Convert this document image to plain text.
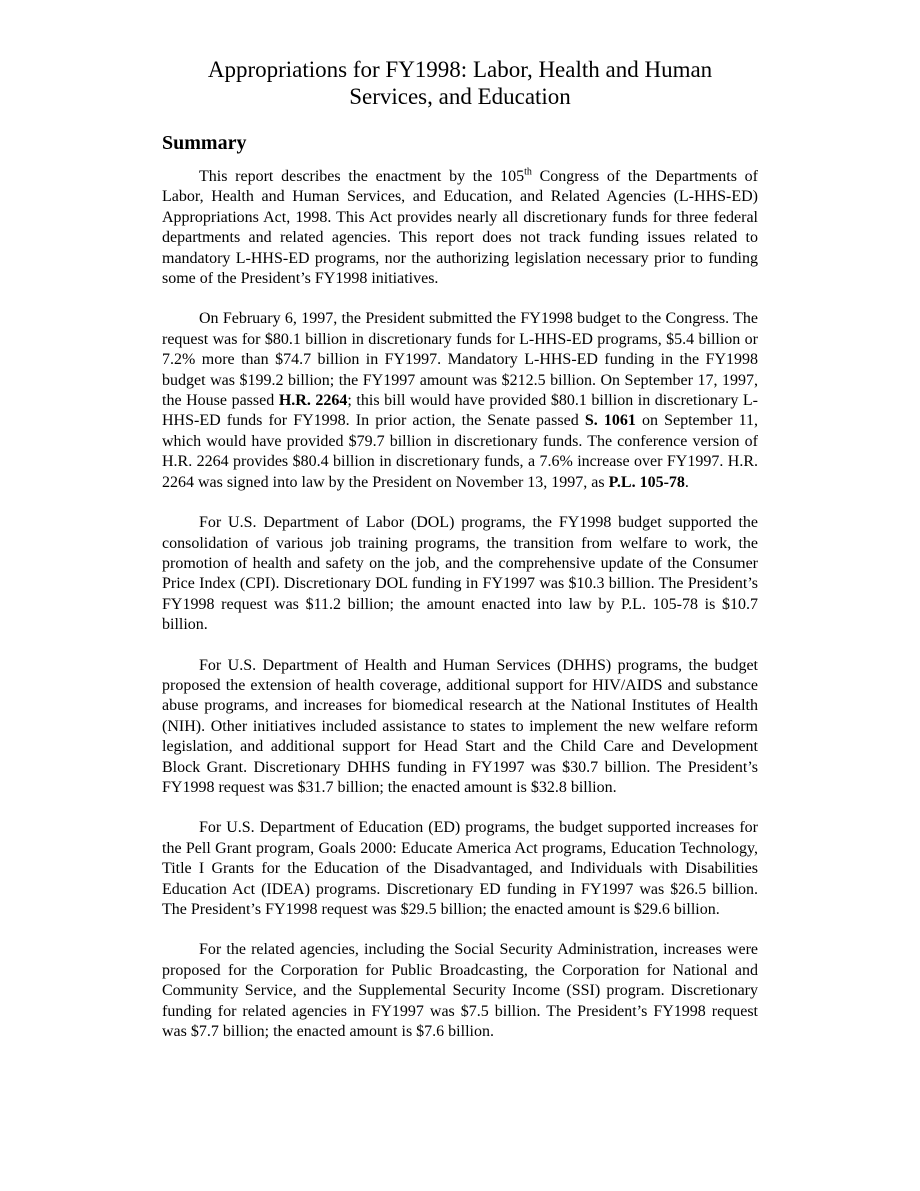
Appropriations for FY1998: Labor, Health and Human
Services, and Education
Summary

This report describes the enactment by the 105th Congress of the Departments of Labor, Health and Human Services, and Education, and Related Agencies (L-HHS-ED) Appropriations Act, 1998. This Act provides nearly all discretionary funds for three federal departments and related agencies. This report does not track funding issues related to mandatory L-HHS-ED programs, nor the authorizing legislation necessary prior to funding some of the President’s FY1998 initiatives.

On February 6, 1997, the President submitted the FY1998 budget to the Congress. The request was for $80.1 billion in discretionary funds for L-HHS-ED programs, $5.4 billion or 7.2% more than $74.7 billion in FY1997. Mandatory L-HHS-ED funding in the FY1998 budget was $199.2 billion; the FY1997 amount was $212.5 billion. On September 17, 1997, the House passed H.R. 2264; this bill would have provided $80.1 billion in discretionary L-HHS-ED funds for FY1998. In prior action, the Senate passed S. 1061 on September 11, which would have provided $79.7 billion in discretionary funds. The conference version of H.R. 2264 provides $80.4 billion in discretionary funds, a 7.6% increase over FY1997. H.R. 2264 was signed into law by the President on November 13, 1997, as P.L. 105-78.

For U.S. Department of Labor (DOL) programs, the FY1998 budget supported the consolidation of various job training programs, the transition from welfare to work, the promotion of health and safety on the job, and the comprehensive update of the Consumer Price Index (CPI). Discretionary DOL funding in FY1997 was $10.3 billion. The President’s FY1998 request was $11.2 billion; the amount enacted into law by P.L. 105-78 is $10.7 billion.

For U.S. Department of Health and Human Services (DHHS) programs, the budget proposed the extension of health coverage, additional support for HIV/AIDS and substance abuse programs, and increases for biomedical research at the National Institutes of Health (NIH). Other initiatives included assistance to states to implement the new welfare reform legislation, and additional support for Head Start and the Child Care and Development Block Grant. Discretionary DHHS funding in FY1997 was $30.7 billion. The President’s FY1998 request was $31.7 billion; the enacted amount is $32.8 billion.

For U.S. Department of Education (ED) programs, the budget supported increases for the Pell Grant program, Goals 2000: Educate America Act programs, Education Technology, Title I Grants for the Education of the Disadvantaged, and Individuals with Disabilities Education Act (IDEA) programs. Discretionary ED funding in FY1997 was $26.5 billion. The President’s FY1998 request was $29.5 billion; the enacted amount is $29.6 billion.

For the related agencies, including the Social Security Administration, increases were proposed for the Corporation for Public Broadcasting, the Corporation for National and Community Service, and the Supplemental Security Income (SSI) program. Discretionary funding for related agencies in FY1997 was $7.5 billion. The President’s FY1998 request was $7.7 billion; the enacted amount is $7.6 billion.
